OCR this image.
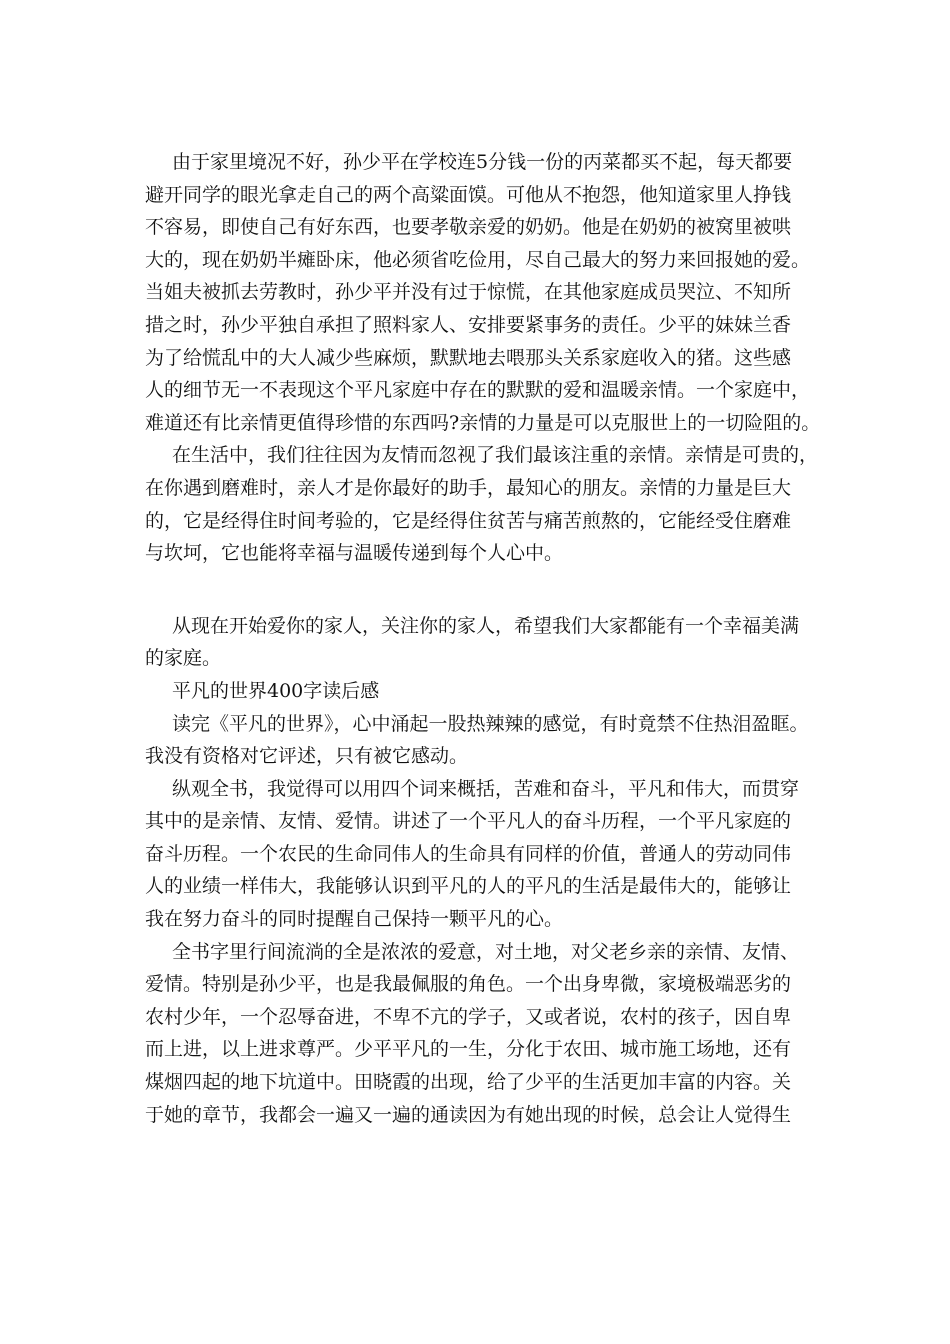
由于家里境况不好，孙少平在学校连5分钱一份的丙菜都买不起，每天都要
避开同学的眼光拿走自己的两个高粱面馍。可他从不抱怨，他知道家里人挣钱
不容易，即使自己有好东西，也要孝敬亲爱的奶奶。他是在奶奶的被窝里被哄
大的，现在奶奶半瘫卧床，他必须省吃俭用，尽自己最大的努力来回报她的爱。
当姐夫被抓去劳教时，孙少平并没有过于惊慌，在其他家庭成员哭泣、不知所
措之时，孙少平独自承担了照料家人、安排要紧事务的责任。少平的妹妹兰香
为了给慌乱中的大人减少些麻烦，默默地去喂那头关系家庭收入的猪。这些感
人的细节无一不表现这个平凡家庭中存在的默默的爱和温暖亲情。一个家庭中，
难道还有比亲情更值得珍惜的东西吗?亲情的力量是可以克服世上的一切险阻的。
在生活中，我们往往因为友情而忽视了我们最该注重的亲情。亲情是可贵的，
在你遇到磨难时，亲人才是你最好的助手，最知心的朋友。亲情的力量是巨大
的，它是经得住时间考验的，它是经得住贫苦与痛苦煎熬的，它能经受住磨难
与坎坷，它也能将幸福与温暖传递到每个人心中。
从现在开始爱你的家人，关注你的家人，希望我们大家都能有一个幸福美满
的家庭。
平凡的世界400字读后感
读完《平凡的世界》，心中涌起一股热辣辣的感觉，有时竟禁不住热泪盈眶。
我没有资格对它评述，只有被它感动。
纵观全书，我觉得可以用四个词来概括，苦难和奋斗，平凡和伟大，而贯穿
其中的是亲情、友情、爱情。讲述了一个平凡人的奋斗历程，一个平凡家庭的
奋斗历程。一个农民的生命同伟人的生命具有同样的价值，普通人的劳动同伟
人的业绩一样伟大，我能够认识到平凡的人的平凡的生活是最伟大的，能够让
我在努力奋斗的同时提醒自己保持一颗平凡的心。
全书字里行间流淌的全是浓浓的爱意，对土地，对父老乡亲的亲情、友情、
爱情。特别是孙少平，也是我最佩服的角色。一个出身卑微，家境极端恶劣的
农村少年，一个忍辱奋进，不卑不亢的学子，又或者说，农村的孩子，因自卑
而上进，以上进求尊严。少平平凡的一生，分化于农田、城市施工场地，还有
煤烟四起的地下坑道中。田晓霞的出现，给了少平的生活更加丰富的内容。关
于她的章节，我都会一遍又一遍的通读因为有她出现的时候，总会让人觉得生
